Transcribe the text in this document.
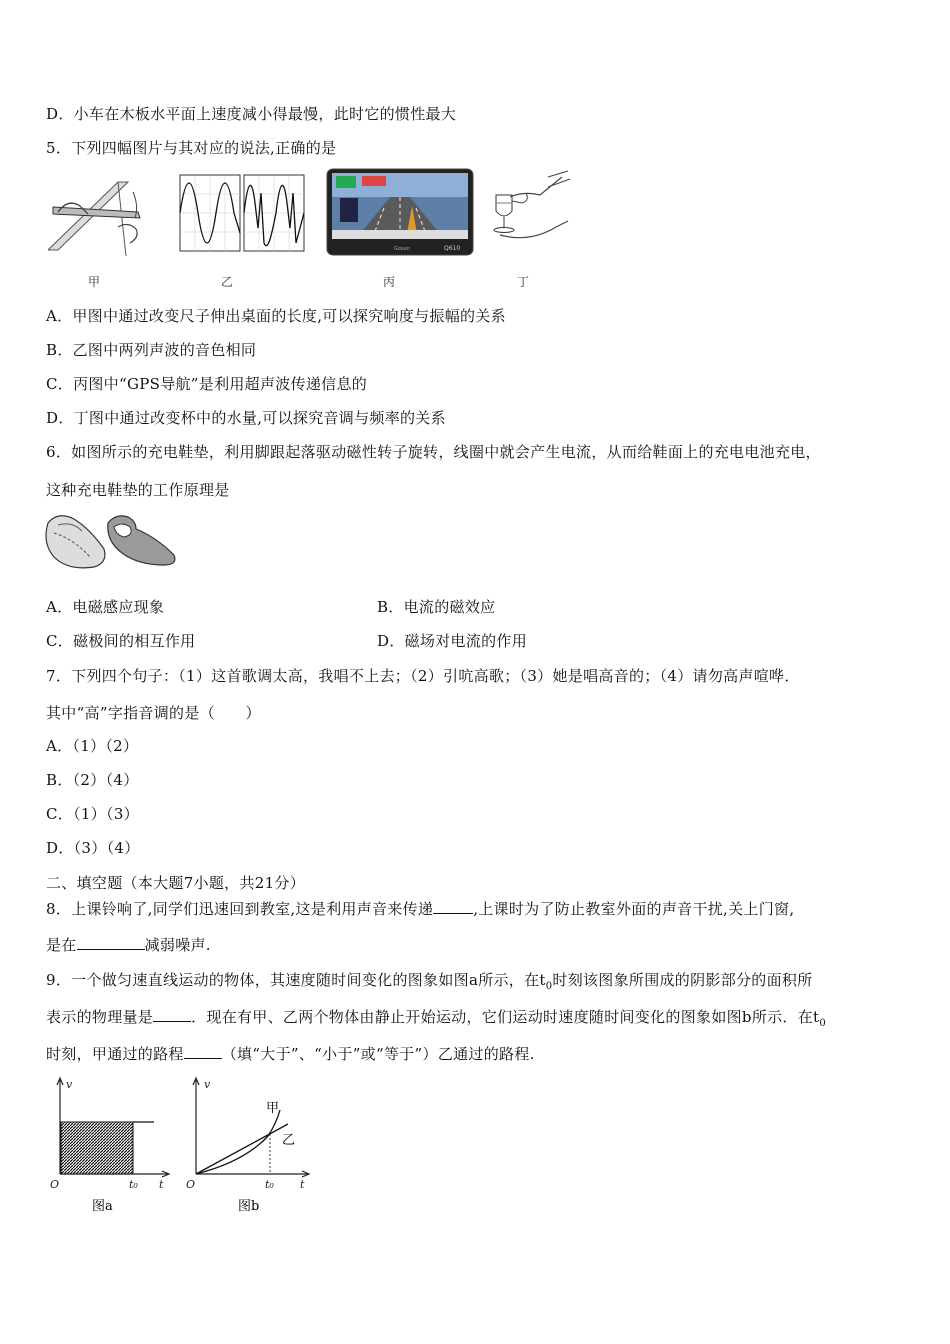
D．小车在木板水平面上速度减小得最慢，此时它的惯性最大
5．下列四幅图片与其对应的说法,正确的是
甲	乙
Q610
Gosun
丙	丁
A．甲图中通过改变尺子伸出桌面的长度,可以探究响度与振幅的关系
B．乙图中两列声波的音色相同
C．丙图中“GPS导航”是利用超声波传递信息的
D．丁图中通过改变杯中的水量,可以探究音调与频率的关系
6．如图所示的充电鞋垫，利用脚跟起落驱动磁性转子旋转，线圈中就会产生电流，从而给鞋面上的充电电池充电，
这种充电鞋垫的工作原理是
A．电磁感应现象	B．电流的磁效应
C．磁极间的相互作用	D．磁场对电流的作用
7．下列四个句子：（1）这首歌调太高，我唱不上去；（2）引吭高歌；（3）她是唱高音的；（4）请勿高声喧哗．
其中“高”字指音调的是（　　）
A．（1）（2）
B．（2）（4）
C．（1）（3）
D．（3）（4）
二、填空题（本大题7小题，共21分）
8．上课铃响了,同学们迅速回到教室,这是利用声音来传递	,上课时为了防止教室外面的声音干扰,关上门窗,
是在	减弱噪声.
9．一个做匀速直线运动的物体，其速度随时间变化的图象如图a所示，在$t_0$时刻该图象所围成的阴影部分的面积所
表示的物理量是	．现在有甲、乙两个物体由静止开始运动，它们运动时速度随时间变化的图象如图b所示．在$t_0$
时刻，甲通过的路程	（填“大于”、“小于”或“等于”）乙通过的路程.
v
t
O	t₀
图a
v
t
O	t₀
甲
乙
图b
